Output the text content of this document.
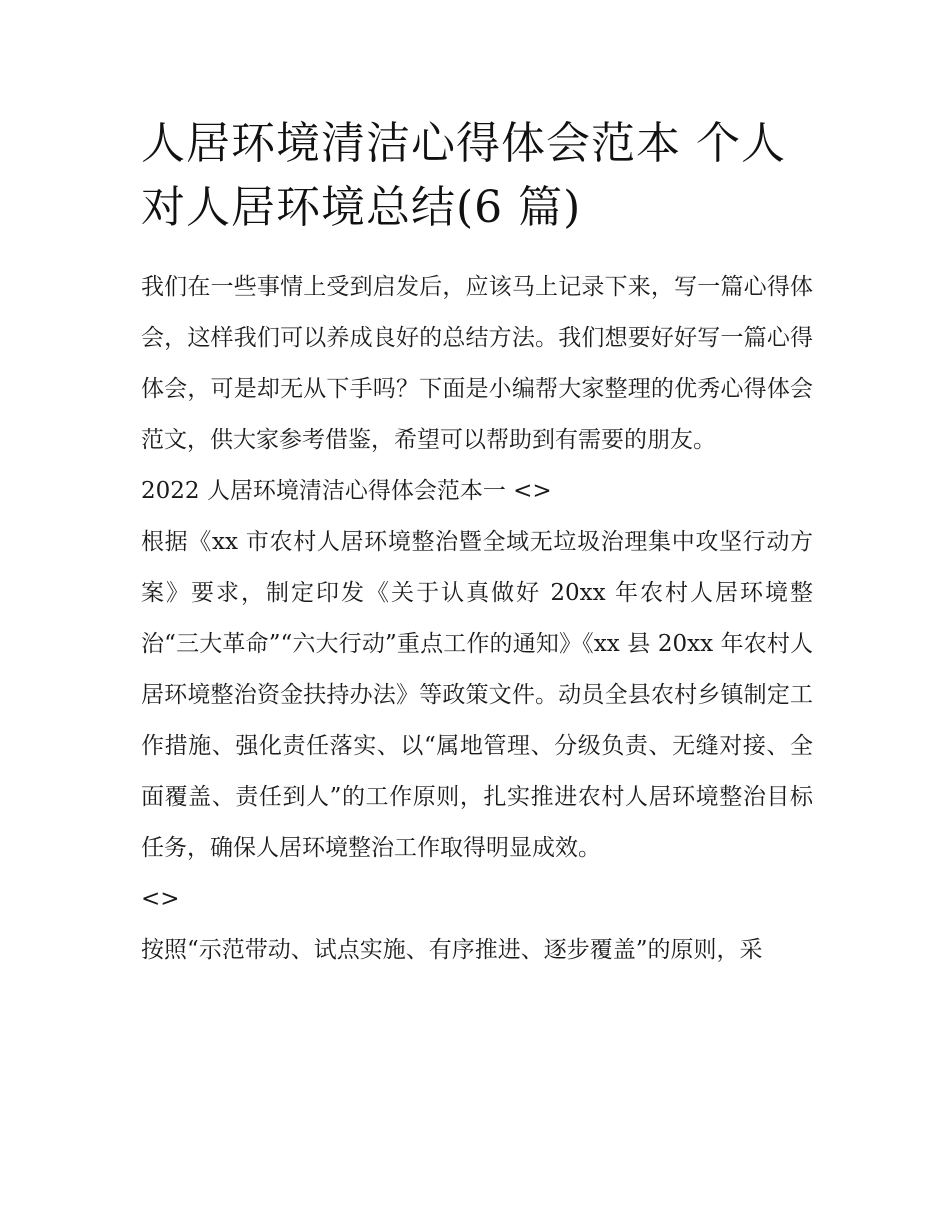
人居环境清洁心得体会范本 个人对人居环境总结(6 篇)

我们在一些事情上受到启发后，应该马上记录下来，写一篇心得体会，这样我们可以养成良好的总结方法。我们想要好好写一篇心得体会，可是却无从下手吗？下面是小编帮大家整理的优秀心得体会范文，供大家参考借鉴，希望可以帮助到有需要的朋友。

2022 人居环境清洁心得体会范本一 <>

根据《xx 市农村人居环境整治暨全域无垃圾治理集中攻坚行动方案》要求，制定印发《关于认真做好 20xx 年农村人居环境整治“三大革命”“六大行动”重点工作的通知》《xx 县 20xx 年农村人居环境整治资金扶持办法》等政策文件。动员全县农村乡镇制定工作措施、强化责任落实、以“属地管理、分级负责、无缝对接、全面覆盖、责任到人”的工作原则，扎实推进农村人居环境整治目标任务，确保人居环境整治工作取得明显成效。

<>

按照“示范带动、试点实施、有序推进、逐步覆盖”的原则，采
